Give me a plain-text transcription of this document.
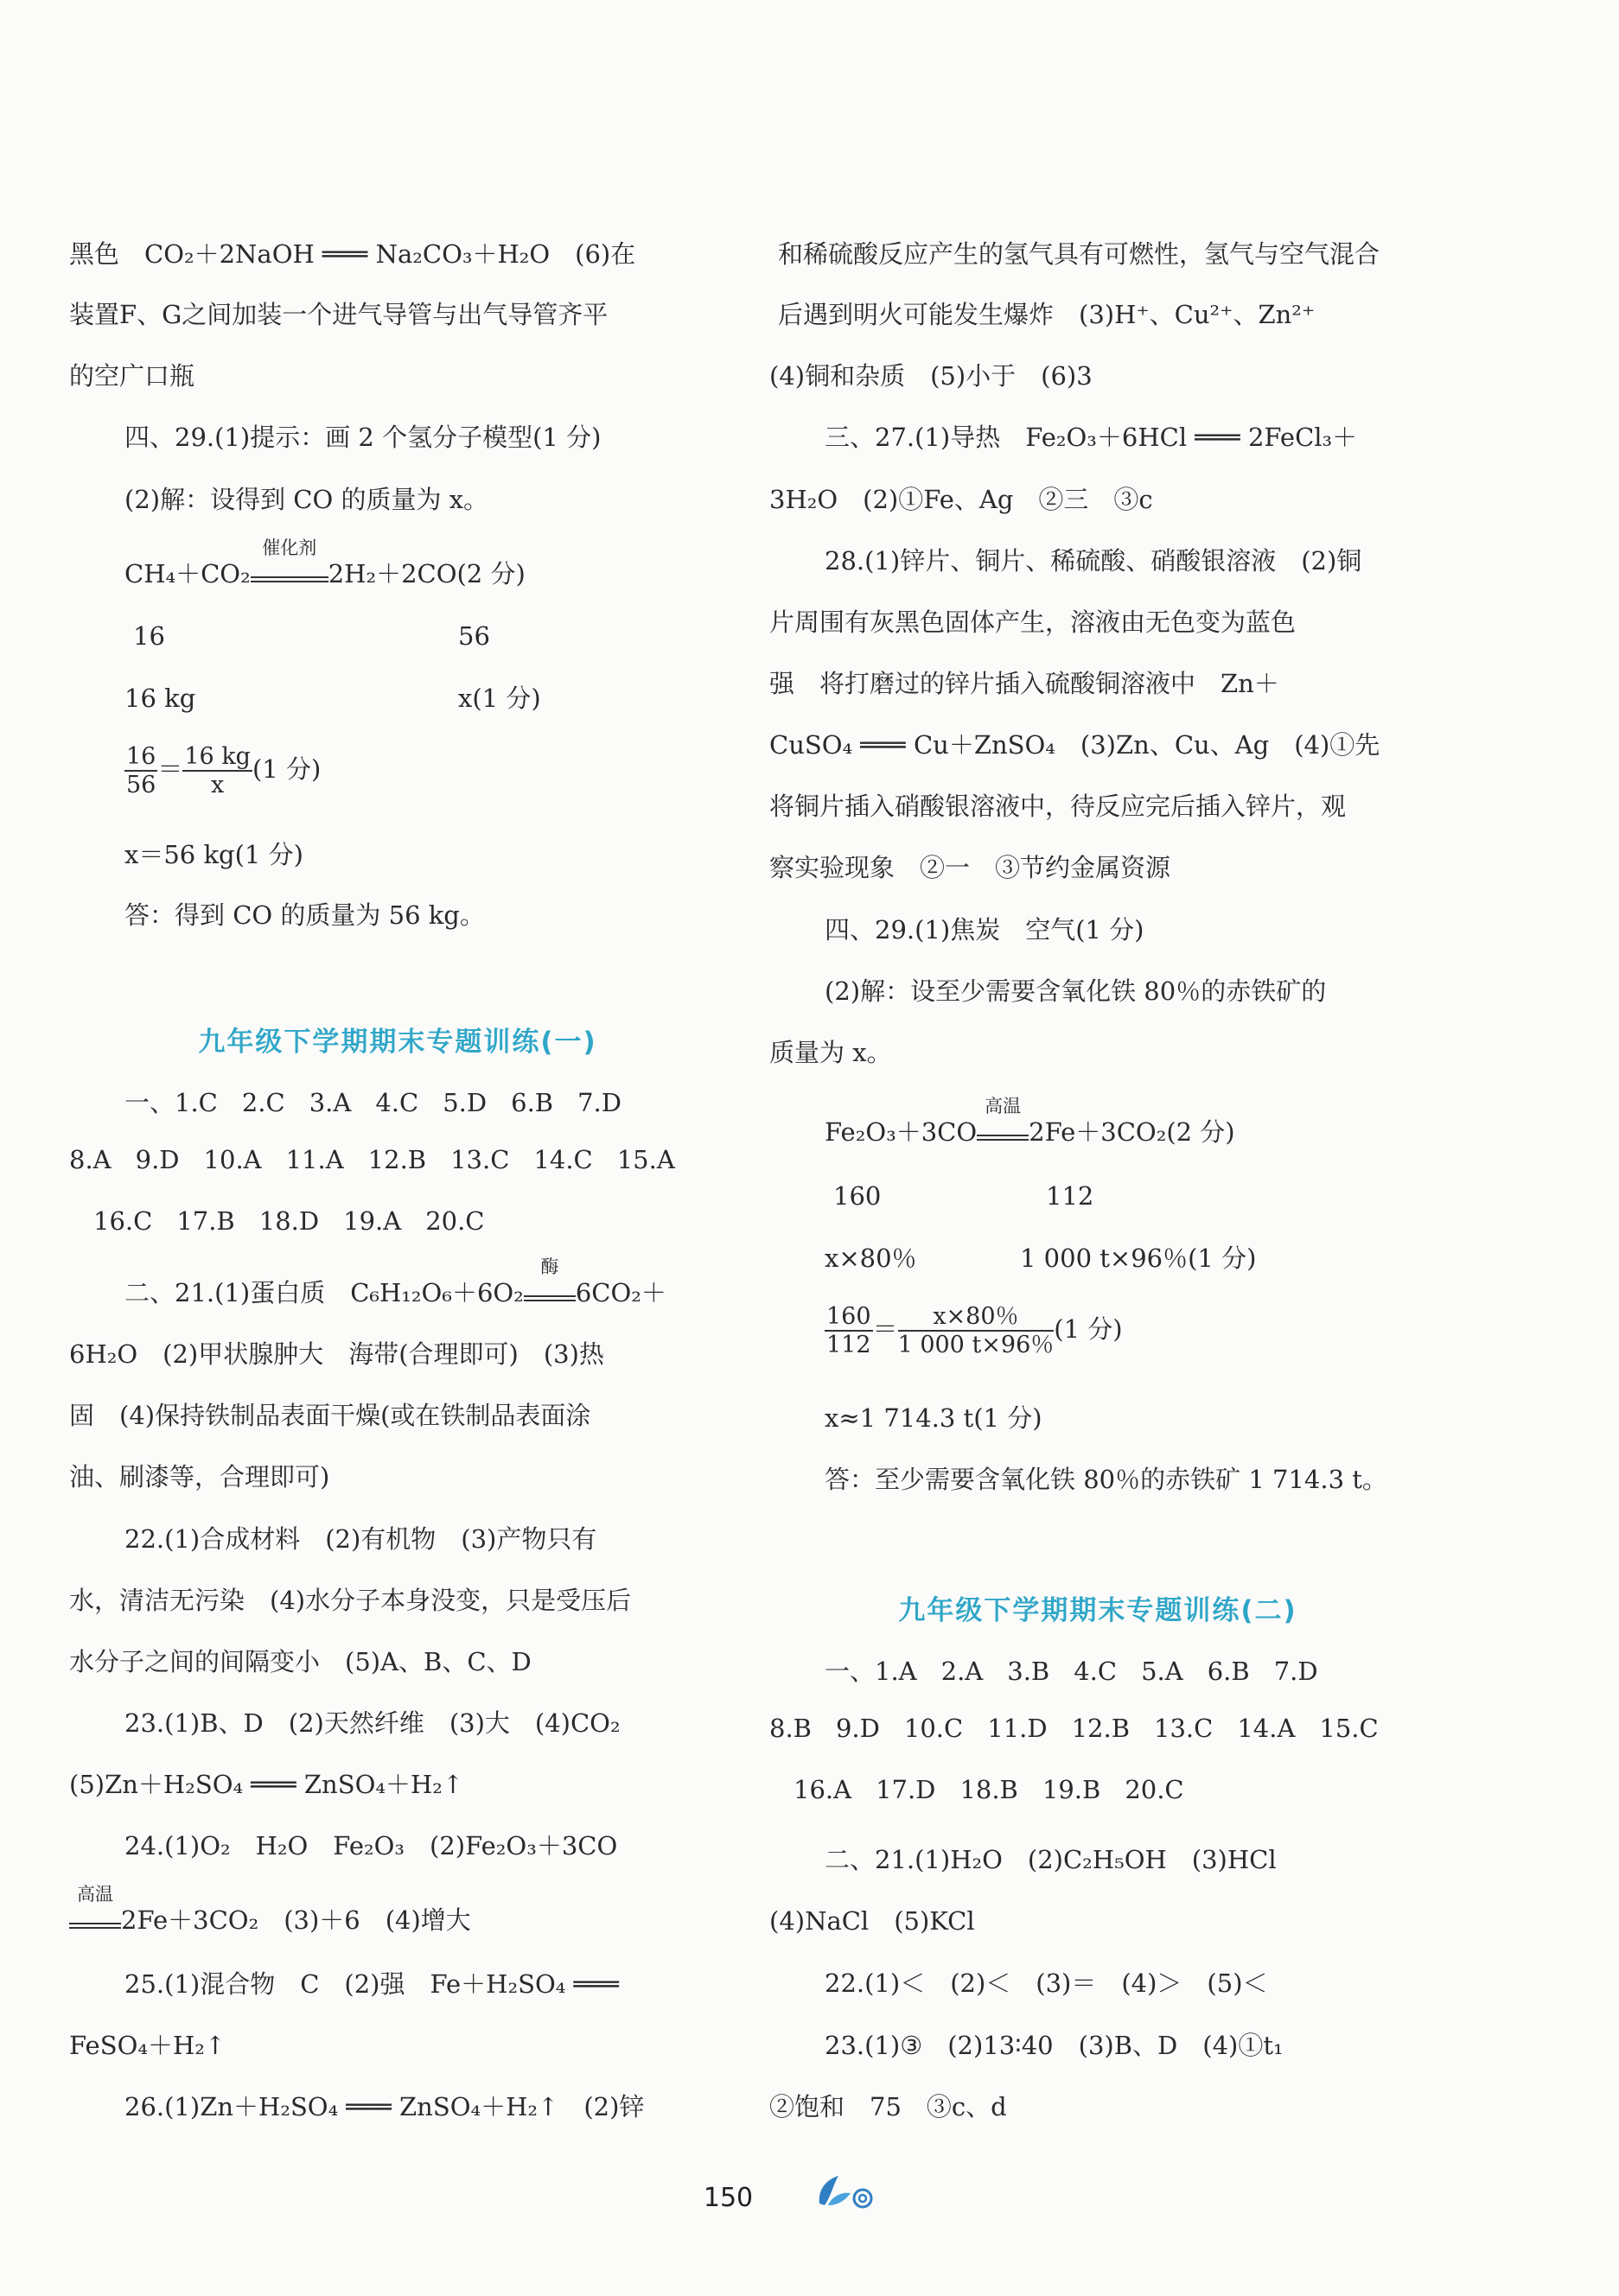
黑色　CO₂＋2NaOH ═══ Na₂CO₃＋H₂O　(6)在
装置F、G之间加装一个进气导管与出气导管齐平
的空广口瓶
四、29.(1)提示：画 2 个氢分子模型(1 分)
(2)解：设得到 CO 的质量为 x。
CH₄＋CO₂
催化剂
2H₂＋2CO(2 分)
16	56
16 kg	x(1 分)
$\frac{16}{56} = \frac{16 kg}{x} (1$ 分)
x＝56 kg(1 分)
答：得到 CO 的质量为 56 kg。
九年级下学期期末专题训练(一)
一、1.C 2.C 3.A 4.C 5.D 6.B 7.D
8.A 9.D 10.A 11.A 12.B 13.C 14.C 15.A
16.C 17.B 18.D 19.A 20.C
二、21.(1)蛋白质　C₆H₁₂O₆＋6O₂
酶
6CO₂＋
6H₂O　(2)甲状腺肿大　海带(合理即可)　(3)热
固　(4)保持铁制品表面干燥(或在铁制品表面涂
油、刷漆等，合理即可)
22.(1)合成材料　(2)有机物　(3)产物只有
水，清洁无污染　(4)水分子本身没变，只是受压后
水分子之间的间隔变小　(5)A、B、C、D
23.(1)B、D　(2)天然纤维　(3)大　(4)CO₂
(5)Zn＋H₂SO₄ ═══ ZnSO₄＋H₂↑
24.(1)O₂　H₂O　Fe₂O₃　(2)Fe₂O₃＋3CO
高温
2Fe＋3CO₂　(3)＋6　(4)增大
25.(1)混合物　C　(2)强　Fe＋H₂SO₄ ═══
FeSO₄＋H₂↑
26.(1)Zn＋H₂SO₄ ═══ ZnSO₄＋H₂↑　(2)锌
和稀硫酸反应产生的氢气具有可燃性，氢气与空气混合
后遇到明火可能发生爆炸　(3)H⁺、Cu²⁺、Zn²⁺
(4)铜和杂质　(5)小于　(6)3
三、27.(1)导热　Fe₂O₃＋6HCl ═══ 2FeCl₃＋
3H₂O　(2)①Fe、Ag　②三　③c
28.(1)锌片、铜片、稀硫酸、硝酸银溶液　(2)铜
片周围有灰黑色固体产生，溶液由无色变为蓝色
强　将打磨过的锌片插入硫酸铜溶液中　Zn＋
CuSO₄ ═══ Cu＋ZnSO₄　(3)Zn、Cu、Ag　(4)①先
将铜片插入硝酸银溶液中，待反应完后插入锌片，观
察实验现象　②一　③节约金属资源
四、29.(1)焦炭　空气(1 分)
(2)解：设至少需要含氧化铁 80％的赤铁矿的
质量为 x。
Fe₂O₃＋3CO
高温
2Fe＋3CO₂(2 分)
160	112
x×80％	1 000 t×96％(1 分)
$\frac{160}{112} = \frac{x\times 80\%}{1 000 t\times 96\%} (1$ 分)
x≈1 714.3 t(1 分)
答：至少需要含氧化铁 80％的赤铁矿 1 714.3 t。
九年级下学期期末专题训练(二)
一、1.A 2.A 3.B 4.C 5.A 6.B 7.D
8.B 9.D 10.C 11.D 12.B 13.C 14.A 15.C
16.A 17.D 18.B 19.B 20.C
二、21.(1)H₂O　(2)C₂H₅OH　(3)HCl
(4)NaCl　(5)KCl
22.(1)＜　(2)＜　(3)＝　(4)＞　(5)＜
23.(1)③　(2)13∶40　(3)B、D　(4)①t₁
②饱和　75　③c、d
150
